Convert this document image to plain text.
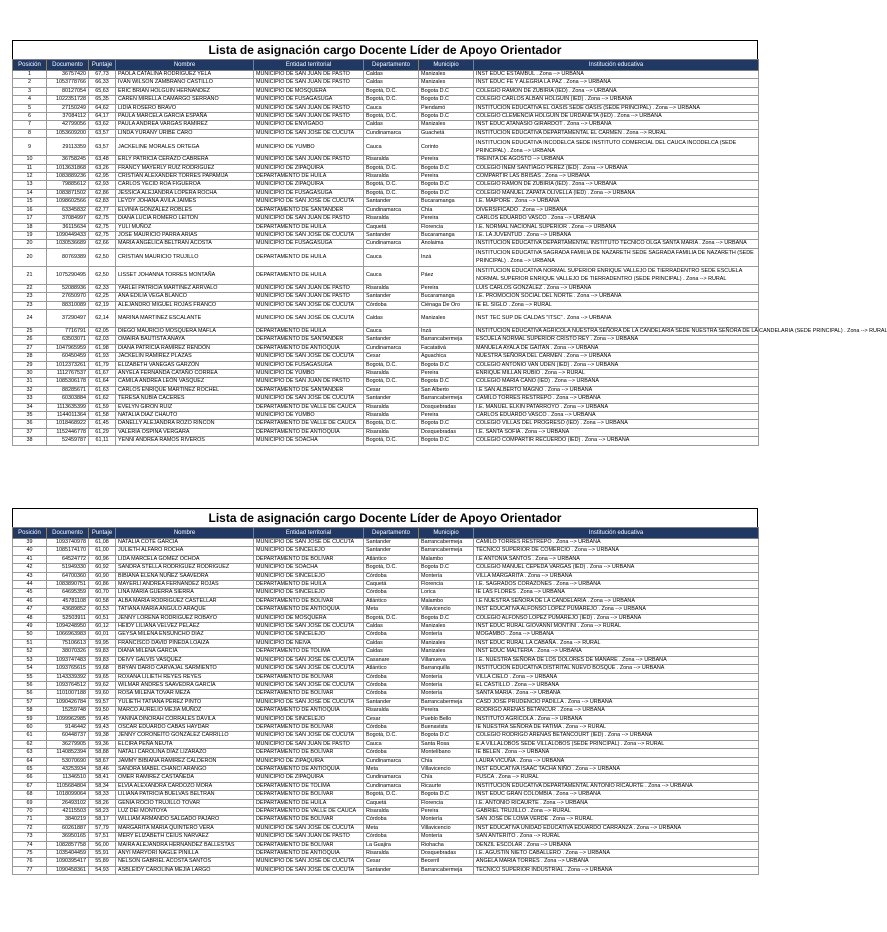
Lista de asignación cargo Docente Líder de Apoyo Orientador
Posición	Documento	Puntaje	Nombre	Entidad territorial	Departamento	Municipio	Institución educativa
1	36757420	67,73	PAOLA CATALINA RODRIGUEZ YELA	MUNICIPIO DE SAN JUAN DE PASTO	Caldas	Manizales	INST EDUC ESTAMBUL . Zona --> URBANA
2	1053778766	66,33	IVÁN WILSON ZAMBRANO CASTILLO	MUNICIPIO DE SAN JUAN DE PASTO	Caldas	Manizales	INST EDUC FE Y ALEGRIA LA PAZ . Zona --> URBANA
3	80127054	65,63	ERIC BRIAN HOLGUIN HERNANDEZ	MUNICIPIO DE MOSQUERA	Bogotá, D.C.	Bogota D.C	COLEGIO RAMON DE ZUBIRIA (IED) . Zona --> URBANA
4	1022351728	65,35	CAREN MIRELLA CAMARGO SERRANO	MUNICIPIO DE FUSAGASUGA	Bogotá, D.C.	Bogota D.C	COLEGIO CARLOS ALBAN HOLGUIN (IED) . Zona --> URBANA
5	27150249	64,62	LIDIA ROSERO BRAVO	MUNICIPIO DE SAN JUAN DE PASTO	Cauca	Piendamó	INSTITUCION EDUCATIVA EL OASIS SEDE OASIS (SEDE PRINCIPAL) . Zona --> URBANA
6	37084112	64,17	PAULA MARCELA GARCIA ESPAÑA	MUNICIPIO DE SAN JUAN DE PASTO	Bogotá, D.C.	Bogota D.C	COLEGIO CLEMENCIA HOLGUIN DE URDANETA (IED) . Zona --> URBANA
7	42799056	63,62	PAULA ANDREA VARGAS RAMIREZ	MUNICIPIO DE ENVIGADO	Caldas	Manizales	INST EDUC ATANASIO GIRARDOT . Zona --> URBANA
8	1053609200	63,57	LINDA YURANY URIBE CARO	MUNICIPIO DE SAN JOSÉ DE CUCUTA	Cundinamarca	Guachetá	INSTITUCION EDUCATIVA DEPARTAMENTAL EL CARMEN . Zona --> RURAL
9	29113359	63,57	JACKELINE MORALES ORTEGA	MUNICIPIO DE YUMBO	Cauca	Corinto	INSTITUCION EDUCATIVA INCODELCA SEDE INSTITUTO COMERCIAL DEL CAUCA INCODELCA (SEDE PRINCIPAL) . Zona --> URBANA
10	36758245	63,48	ERLY PATRICIA CERAZO CABRERA	MUNICIPIO DE SAN JUAN DE PASTO	Risaralda	Pereira	TREINTA DE AGOSTO --> URBANA
11	1013631868	63,26	FRANCY MAYERLY RUIZ RODRIGUEZ	MUNICIPIO DE ZIPAQUIRA	Bogotá, D.C.	Bogota D.C	COLEGIO INEM SANTIAGO PEREZ (IED) . Zona --> URBANA
12	1083889236	62,95	CRISTIAN ALEXANDER TORRES PAPAMIJA	DEPARTAMENTO DE HUILA	Risaralda	Pereira	COMPARTIR LAS BRISAS . Zona --> URBANA
13	79885612	62,93	CARLOS YECID ROA FIGUEROA	MUNICIPIO DE ZIPAQUIRA	Bogotá, D.C.	Bogota D.C	COLEGIO RAMON DE ZUBIRIA (IED) . Zona --> URBANA
14	1083871502	62,86	JESSICA ALEJANDRA LOPERA ROCHA	MUNICIPIO DE FUSAGASUGA	Bogotá, D.C.	Bogota D.C	COLEGIO MANUEL ZAPATA OLIVELLA (IED) . Zona --> URBANA
15	1098602566	62,83	LEYDY JOHANA ÁVILA JAIMES	MUNICIPIO DE SAN JOSÉ DE CUCUTA	Santander	Bucaramanga	I.E. MAIPORE . Zona --> URBANA
16	63345832	62,77	ELVINIA GONZÁLEZ ROBLES	DEPARTAMENTO DE SANTANDER	Cundinamarca	Chía	DIVERSIFICADO . Zona --> URBANA
17	37084997	62,75	DIANA LUCIA ROMERO LEITON	MUNICIPIO DE SAN JUAN DE PASTO	Risaralda	Pereira	CARLOS EDUARDO VASCO . Zona --> URBANA
18	36115634	62,75	YULI MUÑOZ	DEPARTAMENTO DE HUILA	Caquetá	Florencia	I.E. NORMAL NACIONAL SUPERIOR . Zona --> URBANA
19	1090449433	62,75	JOSE MAURICIO PARRA ARIAS	MUNICIPIO DE SAN JOSÉ DE CUCUTA	Santander	Bucaramanga	I.E. LA JUVENTUD . Zona --> URBANA
20	1030536689	62,66	MARIA ANGÉLICA BELTRAN ACOSTA	MUNICIPIO DE FUSAGASUGA	Cundinamarca	Anolaima	INSTITUCION EDUCATIVA DEPARTAMENTAL INSTITUTO TECNICO OLGA SANTA MARIA . Zona --> URBANA
20	80769389	62,50	CRISTIAN MAURICIO TRUJILLO	DEPARTAMENTO DE HUILA	Cauca	Inzá	INSTITUCION EDUCATIVA SAGRADA FAMILIA DE NAZARETH SEDE SAGRADA FAMILIA DE NAZARETH (SEDE PRINCIPAL) . Zona --> URBANA
21	1075290495	62,50	LISSET JOHANNA TORRES MONTAÑA	DEPARTAMENTO DE HUILA	Cauca	Páez	INSTITUCION EDUCATIVA NORMAL SUPERIOR ENRIQUE VALLEJO DE TIERRADENTRO SEDE ESCUELA NORMAL SUPERIOR ENRIQUE VALLEJO DE TIERRADENTRO (SEDE PRINCIPAL) . Zona --> RURAL
22	52088936	62,33	YARLEI PATRICIA MARTINEZ ARRVALO	MUNICIPIO DE SAN JUAN DE PASTO	Risaralda	Pereira	LUIS CARLOS GONZÁLEZ . Zona --> URBANA
23	27650970	62,25	ANA EDILIA VEGA BLANCO	MUNICIPIO DE SAN JUAN DE PASTO	Santander	Bucaramanga	I.E. PROMOCION SOCIAL DEL NORTE . Zona --> URBANA
23	88310089	62,19	ALEJANDRO MIGUEL ROJAS FRANCO	MUNICIPIO DE SAN JOSÉ DE CUCUTA	Córdoba	Ciénaga De Oro	IE EL SIGLO . Zona --> RURAL
24	37290497	62,14	MARINA MARTINEZ ESCALANTE	MUNICIPIO DE SAN JOSÉ DE CUCUTA	Caldas	Manizales	INST TEC SUP DE CALDAS "ITSC" . Zona --> URBANA
25	7716791	62,05	DIEGO MAURICIO MOSQUERA MAFLA	DEPARTAMENTO DE HUILA	Cauca	Inzá	INSTITUCION EDUCATIVA AGRICOLA NUESTRA SEÑORA DE LA CANDELARIA SEDE NUESTRA SEÑORA DE LA CANDELARIA (SEDE PRINCIPAL) . Zona --> RURAL
26	63503071	62,03	OMAIRA BAUTISTA ANAYA	DEPARTAMENTO DE SANTANDER	Santander	Barrancabermeja	ESCUELA NORMAL SUPERIOR CRISTO REY . Zona --> URBANA
27	1047965959	61,98	DIANA PATRICIA RAMÍREZ RENDÓN	DEPARTAMENTO DE ANTIOQUIA	Cundinamarca	Facatativá	MANUELA AYALA DE GAITAN . Zona --> URBANA
28	60450459	61,93	JACKELIN RAMIREZ PLAZAS	MUNICIPIO DE SAN JOSÉ DE CUCUTA	Cesar	Aguachica	NUESTRA SEÑORA DEL CARMEN . Zona --> URBANA
29	1012373261	61,79	ELIZABETH VANEGAS GARZÓN	MUNICIPIO DE FUSAGASUGA	Bogotá, D.C.	Bogota D.C	COLEGIO ANTONIO VAN UDEN (IED) . Zona --> URBANA
30	1112767537	61,67	ANYELA FERNANDA CATAÑO CORREA	MUNICIPIO DE YUMBO	Risaralda	Pereira	ENRIQUE MILLAN RUBIO . Zona --> RURAL
31	1085306178	61,64	CAMILA ANDREA LEÓN VASQUEZ	MUNICIPIO DE SAN JUAN DE PASTO	Bogotá, D.C.	Bogota D.C	COLEGIO MARIA CANO (IED) . Zona --> URBANA
32	88285671	61,63	CARLOS ENRIQUE MARTINEZ ROCHEL	DEPARTAMENTO DE SANTANDER	Cesar	San Alberto	I.E SAN ALBERTO MAGNO . Zona --> URBANA
33	60303884	61,62	TERESA NUBIA CACERES	MUNICIPIO DE SAN JOSÉ DE CUCUTA	Santander	Barrancabermeja	CAMILO TORRES RESTREPO . Zona --> URBANA
34	1113635399	61,59	EVELYN GIRON RUIZ	DEPARTAMENTO DE VALLE DE CAUCA	Risaralda	Dosquebradas	I.E. MANUEL ELKIN PATARROYO . Zona --> URBANA
35	1144011364	61,58	NATALIA DIAZ CHAUTO	MUNICIPIO DE YUMBO	Risaralda	Pereira	CARLOS EDUARDO VASCO . Zona --> URBANA
36	1018468922	61,45	DANELLY ALEJANDRA ROZO RINCON	DEPARTAMENTO DE VALLE DE CAUCA	Bogotá, D.C.	Bogota D.C	COLEGIO VILLAS DEL PROGRESO (IED) . Zona --> URBANA
37	1152446778	61,29	VALERIA OSPINA VERGARA	DEPARTAMENTO DE ANTIOQUIA	Risaralda	Dosquebradas	I.E. SANTA SOFIA . Zona --> URBANA
38	52459787	61,11	YENNI ANDREA RAMOS RIVEROS	MUNICIPIO DE SOACHA	Bogotá, D.C.	Bogota D.C	COLEGIO COMPARTIR RECUERDO (IED) . Zona --> URBANA
Lista de asignación cargo Docente Líder de Apoyo Orientador
Posición	Documento	Puntaje	Nombre	Entidad territorial	Departamento	Municipio	Institución educativa
39	1093740978	61,08	NATALIA COTE GARCIA	MUNICIPIO DE SAN JOSÉ DE CUCUTA	Santander	Barrancabermeja	CAMILO TORRES RESTREPO . Zona --> URBANA
40	1085174170	61,00	JULIETH ALFARO ROCHA	MUNICIPIO DE SINCELEJO	Santander	Barrancabermeja	TÉCNICO SUPERIOR DE COMERCIO . Zona --> URBANA
41	64524772	60,96	LIDA MARCELA GOMEZ OCHOA	DEPARTAMENTO DE BOLÍVAR	Atlántico	Malambo	I.E ANTONIA SANTOS . Zona --> URBANA
42	51949330	60,92	SANDRA STELLA RODRIGUEZ RODRIGUEZ	MUNICIPIO DE SOACHA	Bogotá, D.C.	Bogota D.C	COLEGIO MANUEL CEPEDA VARGAS (IED) . Zona --> URBANA
43	64700360	60,90	BIBIANA ELENA NUÑEZ SAAVEDRA	MUNICIPIO DE SINCELEJO	Córdoba	Montería	VILLA MARGARITA . Zona --> URBANA
44	1083890751	60,86	MAYERLI ANDREA FERNANDEZ ROJAS	DEPARTAMENTO DE HUILA	Caquetá	Florencia	I.E. SAGRADOS CORAZONES . Zona --> URBANA
45	64695359	60,70	LINA MARIA GUERRA SIERRA	MUNICIPIO DE SINCELEJO	Córdoba	Lorica	IE LAS FLORES . Zona --> URBANA
46	45781108	60,58	ALBA MARIA RODRIGUEZ CASTELLAR	DEPARTAMENTO DE BOLÍVAR	Atlántico	Malambo	I.E NUESTRA SEÑORA DE LA CANDELARIA . Zona --> URBANA
47	43689852	60,53	TATIANA MARIA ANGULO ARAQUE	DEPARTAMENTO DE ANTIOQUIA	Meta	Villavicencio	INST EDUCATIVA ALFONSO LOPEZ PUMAREJO . Zona --> URBANA
48	52503911	60,51	JENNY LORENA RODRIGUEZ ROBAYO	MUNICIPIO DE MOSQUERA	Bogotá, D.C.	Bogota D.C	COLEGIO ALFONSO LOPEZ PUMAREJO (IED) . Zona --> URBANA
49	1094248950	60,12	HEIDY LILIANA VELVEZ PELAEZ	MUNICIPIO DE SAN JOSÉ DE CUCUTA	Caldas	Manizales	INST EDUC RURAL GIOVANNI MONTINI . Zona --> RURAL
50	1066963983	60,01	GEYSA MILENA ENSUNCHO DIAZ	MUNICIPIO DE SINCELEJO	Córdoba	Montería	MOGAMBO . Zona --> URBANA
51	75106613	59,95	FRANCISCO DAVID PINEDA LOAIZA	MUNICIPIO DE NEIVA	Caldas	Manizales	INST EDUC RURAL LA CABAÑA . Zona --> RURAL
52	38070326	59,83	DIANA MILENA GARCIA	DEPARTAMENTO DE TOLIMA	Caldas	Manizales	INST EDUC MALTERIA . Zona --> URBANA
53	1093747483	59,83	DEIVY GALVIS VASQUEZ	MUNICIPIO DE SAN JOSÉ DE CUCUTA	Casanare	Villanueva	I.E. NUESTRA SEÑORA DE LOS DOLORES DE MANARE . Zona --> URBANA
54	1093765615	59,68	BRYAN DARIO CARVAJAL SARMIENTO	MUNICIPIO DE SAN JOSÉ DE CUCUTA	Atlántico	Barranquilla	INSTITUCION EDUCATIVA DISTRITAL NUEVO BOSQUE . Zona --> URBANA
55	1143339392	59,65	ROXANA LILIETH REYES REYES	DEPARTAMENTO DE BOLÍVAR	Córdoba	Montería	VILLA CIELO . Zona --> URBANA
56	1093764512	59,62	WILMAR ANDRÉS SAAVEDRA GARCÍA	MUNICIPIO DE SAN JOSÉ DE CUCUTA	Córdoba	Montería	EL CASTILLO . Zona --> URBANA
56	1101007188	59,60	ROSA MILENA TOVAR MEZA	DEPARTAMENTO DE BOLÍVAR	Córdoba	Montería	SANTA MARIA . Zona --> URBANA
57	1090426784	59,57	YULIETH TATIANA PÉREZ PINTO	MUNICIPIO DE SAN JOSÉ DE CUCUTA	Santander	Barrancabermeja	CASD JOSE PRUDENCIO PADILLA . Zona --> URBANA
58	15259748	59,50	MARCO AURELIO MEJIA MUÑOZ	DEPARTAMENTO DE ANTIOQUIA	Risaralda	Pereira	RODRIGO ARENAS BETANCUR . Zona --> URBANA
59	1099962985	59,45	YANINA DINORAH CORRALES DÁVILA	MUNICIPIO DE SINCELEJO	Cesar	Pueblo Bello	INSTITUTO AGRICOLA . Zona --> URBANA
60	9146442	59,43	OSCAR EDUARDO CABAS HAYDAR	DEPARTAMENTO DE BOLÍVAR	Córdoba	Buenavista	IE NUESTRA SEÑORA DE FATIMA . Zona --> RURAL
61	60448737	59,38	JENNY CORONEITO GONZÁLEZ CARRILLO	MUNICIPIO DE SAN JOSÉ DE CUCUTA	Bogotá, D.C.	Bogota D.C	COLEGIO RODRIGO ARENAS BETANCOURT (IED) . Zona --> URBANA
62	36279905	59,36	ELCIRA PEÑA NEUTA	MUNICIPIO DE SAN JUAN DE PASTO	Cauca	Santa Rosa	E.A VILLALOBOS SEDE VILLALOBOS (SEDE PRINCIPAL) . Zona --> RURAL
63	1140852394	58,88	NATALI CAROLINA DÍAZ LIZARAZO	DEPARTAMENTO DE BOLÍVAR	Córdoba	Montelíbano	IE BELEN . Zona --> URBANA
64	53070690	58,67	JAMMY BIBIANA RAMIREZ CALDERON	MUNICIPIO DE ZIPAQUIRA	Cundinamarca	Chía	LAURA VICUÑA . Zona --> URBANA
65	43253934	58,46	SANDRA MABEL CHANCI ARANGO	DEPARTAMENTO DE ANTIOQUIA	Meta	Villavicencio	INST EDUCATIVA ISAAC TACHA NIÑO . Zona --> URBANA
66	11346510	58,41	OMER RAMIREZ CASTAÑEDA	MUNICIPIO DE ZIPAQUIRA	Cundinamarca	Chía	FUSCA . Zona --> RURAL
67	1105684804	58,34	ELVIA ALEXANDRA CARDOZO MORA	DEPARTAMENTO DE TOLIMA	Cundinamarca	Ricaurte	INSTITUCION EDUCATIVA DEPARTAMENTAL ANTONIO RICAURTE . Zona --> URBANA
68	1018099064	58,33	LILIANA PATRICIA BUELVAS BELTRAN	DEPARTAMENTO DE BOLÍVAR	Bogotá, D.C.	Bogota D.C	INST EDUC GRAN COLOMBIA . Zona --> URBANA
69	26493102	58,26	GENIA ROCIO TRUJILLO TOVAR	DEPARTAMENTO DE HUILA	Caquetá	Florencia	I.E. ANTONIO RICAURTE . Zona --> URBANA
70	42115503	58,23	LUZ DEI MONTOYA	DEPARTAMENTO DE VALLE DE CAUCA	Risaralda	Pereira	GABRIEL TRUJILLO . Zona --> RURAL
71	3840219	58,17	WILLIAM ARMANDO SALGADO PAJARO	DEPARTAMENTO DE BOLÍVAR	Córdoba	Montería	SAN JOSÉ DE LOMA VERDE . Zona --> RURAL
72	60261887	57,79	MARGARITA MARIA QUINTERO VERA	MUNICIPIO DE SAN JOSÉ DE CUCUTA	Meta	Villavicencio	INST EDUCATIVA UNIDAD EDUCATIVA EDUARDO CARRANZA . Zona --> URBANA
73	36950165	57,51	MERY ELIZABETH CEIUS NARVAEZ	MUNICIPIO DE SAN JUAN DE PASTO	Córdoba	Montería	SAN ANTERITO . Zona --> RURAL
74	1082857758	56,00	MAIRA ALEJANDRA HERNANDEZ BALLESTAS	DEPARTAMENTO DE BOLÍVAR	La Guajira	Riohacha	DENZIL ESCOLAR . Zona --> URBANA
75	1035404459	55,91	ANYI MARYORI NAGLE PINILLA	DEPARTAMENTO DE ANTIOQUIA	Risaralda	Dosquebradas	I.E. AGUSTIN NIETO CABALLERO . Zona --> URBANA
76	1090395417	55,89	NELSON GABRIEL ACOSTA SANTOS	MUNICIPIO DE SAN JOSÉ DE CUCUTA	Cesar	Becerril	ANGELA MARIA TORRES . Zona --> URBANA
77	1090458361	54,93	ASBLEIDY CAROLINA MEJIA LARGO	MUNICIPIO DE SAN JOSÉ DE CUCUTA	Santander	Barrancabermeja	TECNICO SUPERIOR INDUSTRIAL . Zona --> URBANA
